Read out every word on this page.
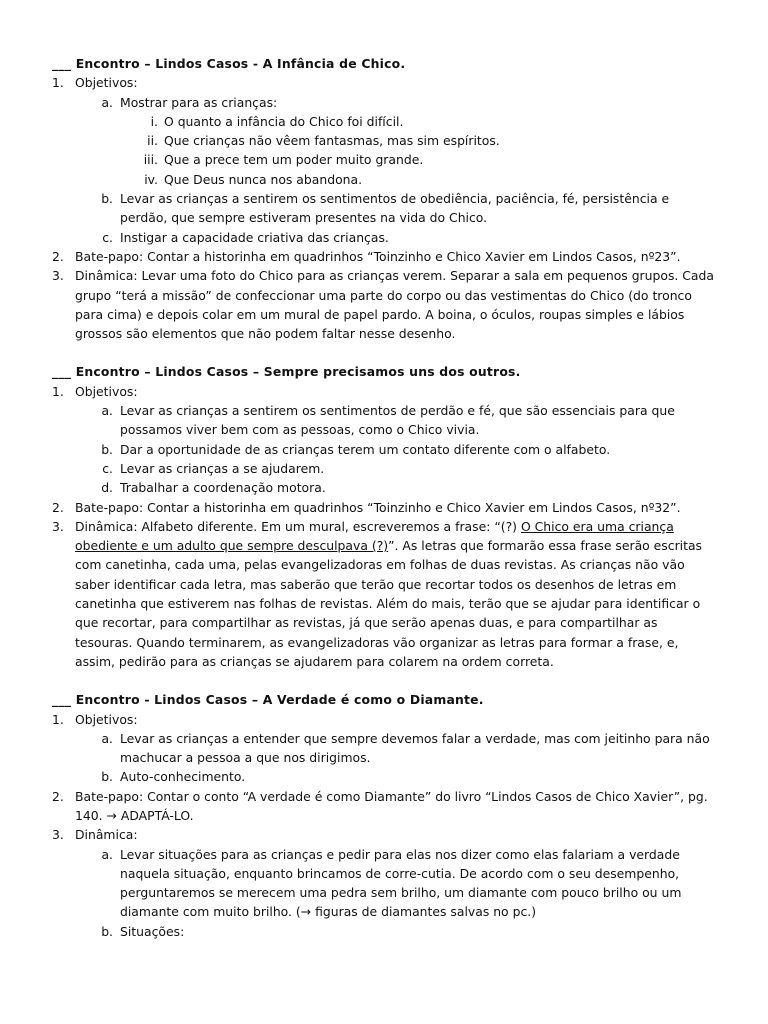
___ Encontro – Lindos Casos - A Infância de Chico.
1. Objetivos:
a. Mostrar para as crianças:
i. O quanto a infância do Chico foi difícil.
ii. Que crianças não vêem fantasmas, mas sim espíritos.
iii. Que a prece tem um poder muito grande.
iv. Que Deus nunca nos abandona.
b. Levar as crianças a sentirem os sentimentos de obediência, paciência, fé, persistência e perdão, que sempre estiveram presentes na vida do Chico.
c. Instigar a capacidade criativa das crianças.
2. Bate-papo: Contar a historinha em quadrinhos “Toinzinho e Chico Xavier em Lindos Casos, nº23”.
3. Dinâmica: Levar uma foto do Chico para as crianças verem. Separar a sala em pequenos grupos. Cada grupo “terá a missão” de confeccionar uma parte do corpo ou das vestimentas do Chico (do tronco para cima) e depois colar em um mural de papel pardo. A boina, o óculos, roupas simples e lábios grossos são elementos que não podem faltar nesse desenho.
___ Encontro – Lindos Casos – Sempre precisamos uns dos outros.
1. Objetivos:
a. Levar as crianças a sentirem os sentimentos de perdão e fé, que são essenciais para que possamos viver bem com as pessoas, como o Chico vivia.
b. Dar a oportunidade de as crianças terem um contato diferente com o alfabeto.
c. Levar as crianças a se ajudarem.
d. Trabalhar a coordenação motora.
2. Bate-papo: Contar a historinha em quadrinhos “Toinzinho e Chico Xavier em Lindos Casos, nº32”.
3. Dinâmica: Alfabeto diferente. Em um mural, escreveremos a frase: “(?) O Chico era uma criança obediente e um adulto que sempre desculpava (?)”. As letras que formarão essa frase serão escritas com canetinha, cada uma, pelas evangelizadoras em folhas de duas revistas. As crianças não vão saber identificar cada letra, mas saberão que terão que recortar todos os desenhos de letras em canetinha que estiverem nas folhas de revistas. Além do mais, terão que se ajudar para identificar o que recortar, para compartilhar as revistas, já que serão apenas duas, e para compartilhar as tesouras. Quando terminarem, as evangelizadoras vão organizar as letras para formar a frase, e, assim, pedirão para as crianças se ajudarem para colarem na ordem correta.
___ Encontro - Lindos Casos – A Verdade é como o Diamante.
1. Objetivos:
a. Levar as crianças a entender que sempre devemos falar a verdade, mas com jeitinho para não machucar a pessoa a que nos dirigimos.
b. Auto-conhecimento.
2. Bate-papo: Contar o conto “A verdade é como Diamante” do livro “Lindos Casos de Chico Xavier”, pg. 140. → ADAPTÁ-LO.
3. Dinâmica:
a. Levar situações para as crianças e pedir para elas nos dizer como elas falariam a verdade naquela situação, enquanto brincamos de corre-cutia. De acordo com o seu desempenho, perguntaremos se merecem uma pedra sem brilho, um diamante com pouco brilho ou um diamante com muito brilho. (→ figuras de diamantes salvas no pc.)
b. Situações:
